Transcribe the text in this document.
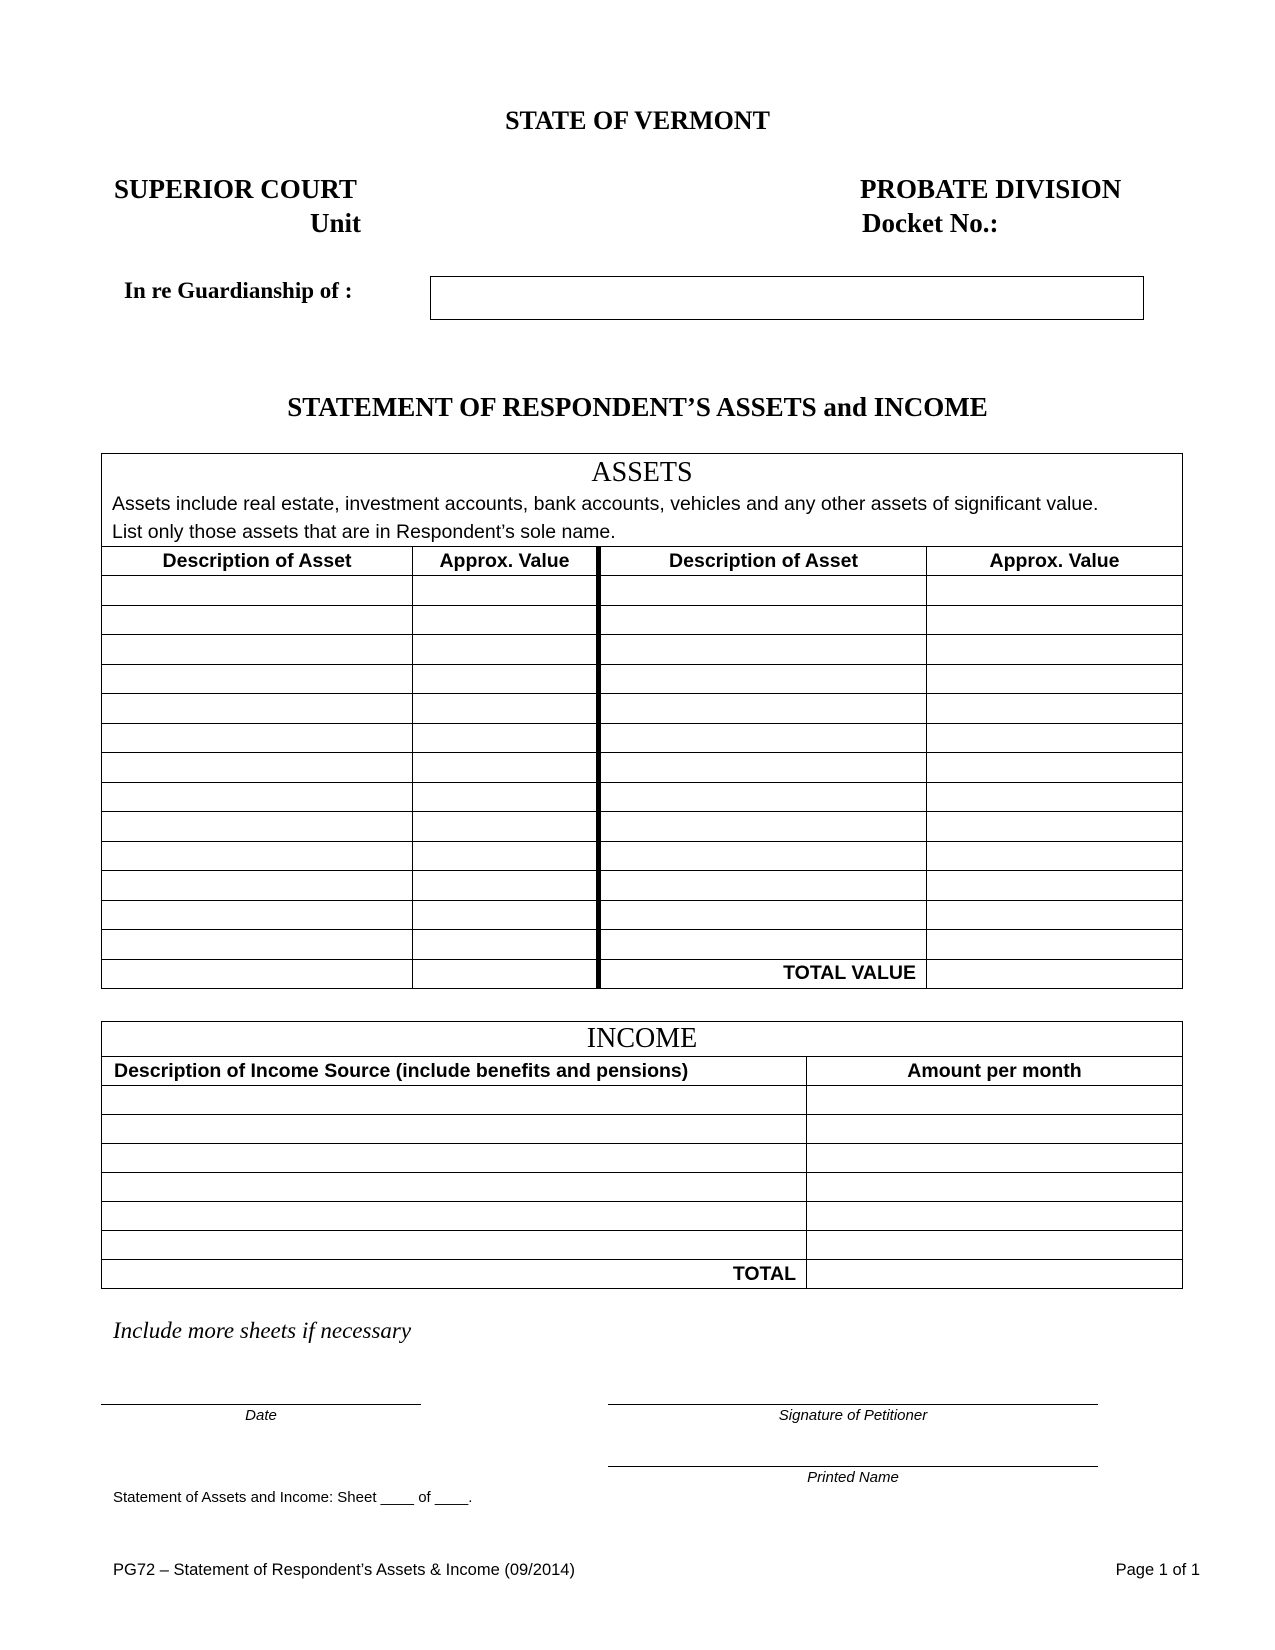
STATE OF VERMONT
SUPERIOR COURT
Unit
PROBATE DIVISION
Docket No.:
In re Guardianship of :
STATEMENT OF RESPONDENT’S ASSETS and INCOME
ASSETS
Assets include real estate, investment accounts, bank accounts, vehicles and any other assets of significant value.
List only those assets that are in Respondent’s sole name.			

Description of Asset	Approx. Value	Description of Asset	Approx. Value

		TOTAL VALUE	
INCOME	

Description of Income Source (include benefits and pensions)	Amount per month

TOTAL	
Include more sheets if necessary
Date	Signature of Petitioner
Printed Name
Statement of Assets and Income: Sheet ____ of ____.
PG72 – Statement of Respondent’s Assets & Income (09/2014)	Page 1 of 1
